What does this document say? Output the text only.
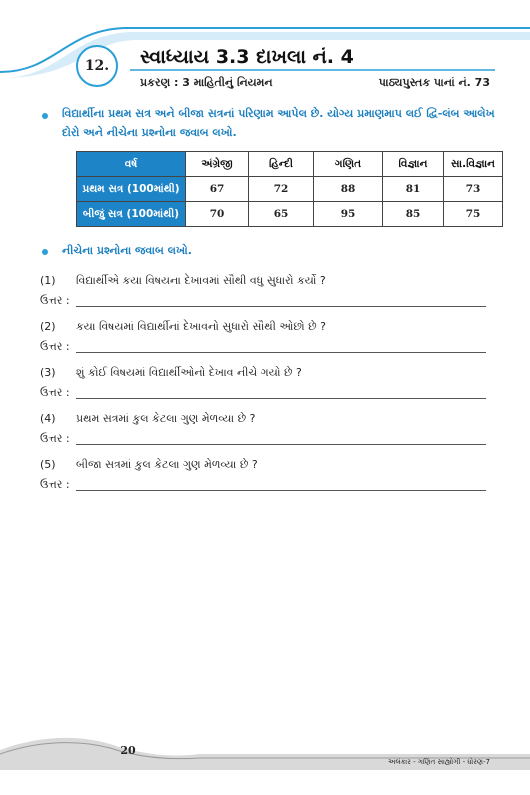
12.	સ્વાધ્યાય 3.3 દાખલા નં. 4
પ્રકરણ : 3 માહિતીનું નિયમન	પાઠ્યપુસ્તક પાનાં નં. 73
વિદ્યાર્થીના પ્રથમ સત્ર અને બીજા સત્રનાં પરિણામ આપેલ છે. યોગ્ય પ્રમાણમાપ લઈ દ્વિ-લંબ આલેખ દોરો અને નીચેના પ્રશ્નોના જવાબ લખો.
વર્ષ	અંગ્રેજી	હિન્દી	ગણિત	વિજ્ઞાન	સા.વિજ્ઞાન
પ્રથમ સત્ર (100માંથી)	67	72	88	81	73
બીજું સત્ર (100માંથી)	70	65	95	85	75
નીચેના પ્રશ્નોના જવાબ લખો.
(1) વિદ્યાર્થીએ કયા વિષયના દેખાવમાં સૌથી વધુ સુધારો કર્યો ?
ઉત્તર :
(2) કયા વિષયમાં વિદ્યાર્થીનાં દેખાવનો સુધારો સૌથી ઓછો છે ?
ઉત્તર :
(3) શું કોઈ વિષયમાં વિદ્યાર્થીઓનો દેખાવ નીચે ગયો છે ?
ઉત્તર :
(4) પ્રથમ સત્રમાં કુલ કેટલા ગુણ મેળવ્યા છે ?
ઉત્તર :
(5) બીજા સત્રમાં કુલ કેટલા ગુણ મેળવ્યા છે ?
ઉત્તર :
20
અલંકાર - ગણિત સાહ્યોગી - ધોરણ-7
